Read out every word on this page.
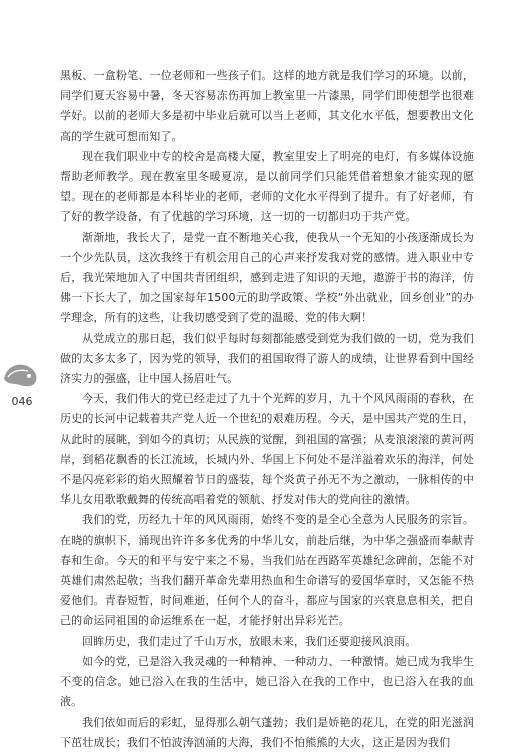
黑板、一盒粉笔、一位老师和一些孩子们。这样的地方就是我们学习的环境。以前，同学们夏天容易中暑，冬天容易冻伤再加上教室里一片漆黑，同学们即使想学也很难学好。以前的老师大多是初中毕业后就可以当上老师，其文化水平低，想要教出文化高的学生就可想而知了。

现在我们职业中专的校舍是高楼大厦，教室里安上了明亮的电灯，有多媒体设施帮助老师教学。现在教室里冬暖夏凉，是以前同学们只能凭借着想象才能实现的愿望。现在的老师都是本科毕业的老师，老师的文化水平得到了提升。有了好老师，有了好的教学设备，有了优越的学习环境，这一切的一切都归功于共产党。

渐渐地，我长大了，是党一直不断地关心我，使我从一个无知的小孩逐渐成长为一个少先队员，这次我终于有机会用自己的心声来抒发我对党的感情。进入职业中专后，我光荣地加入了中国共青团组织，感到走进了知识的天地，遨游于书的海洋，仿佛一下长大了，加之国家每年1500元的助学政策、学校“外出就业，回乡创业”的办学理念，所有的这些，让我切感受到了党的温暖、党的伟大啊！

从党成立的那日起，我们似乎每时每刻都能感受到党为我们做的一切，党为我们做的太多太多了，因为党的领导，我们的祖国取得了游人的成绩，让世界看到中国经济实力的强盛，让中国人扬眉吐气。

今天，我们伟大的党已经走过了九十个光辉的岁月，九十个风风雨雨的春秋，在历史的长河中记载着共产党人近一个世纪的艰难历程。今天，是中国共产党的生日，从此时的展眺，到如今的真切；从民族的觉醒，到祖国的富强；从麦浪滚滚的黄河两岸，到稻花飘香的长江流域，长城内外、华国上下何处不是洋溢着欢乐的海洋，何处不是闪亮彩彩的焰火照耀着节日的盛装，每个炎黄子孙无不为之激动，一脉相传的中华儿女用歌歌戴舞的传统高唱着党的领航、抒发对伟大的党向往的激情。

我们的党，历经九十年的风风雨雨，始终不变的是全心全意为人民服务的宗旨。在晓的旗帜下，涌现出许许多多优秀的中华儿女，前赴后继，为中华之强盛而奉献青春和生命。今天的和平与安宁来之不易，当我们站在西路军英雄纪念碑前，怎能不对英雄们肃然起敬；当我们翻开革命先辈用热血和生命谱写的爱国华章时，又怎能不热爱他们。青春短暂，时间难逝，任何个人的奋斗，都应与国家的兴衰息息相关，把自己的命运同祖国的命运维系在一起，才能抒射出异彩光芒。

回眸历史，我们走过了千山万水，放眼未来，我们还要迎接风浪雨。

如今的党，已是浴入我灵魂的一种精神、一种动力、一种激情。她已成为我毕生不变的信念。她已浴入在我的生活中，她已浴入在我的工作中，也已浴入在我的血液。

我们依如而后的彩虹，显得那么朝气蓬勃；我们是娇艳的花儿，在党的阳光滋润下茁壮成长；我们不怕波涛汹涌的大海，我们不怕熊熊的大火，这正是因为我们

046
